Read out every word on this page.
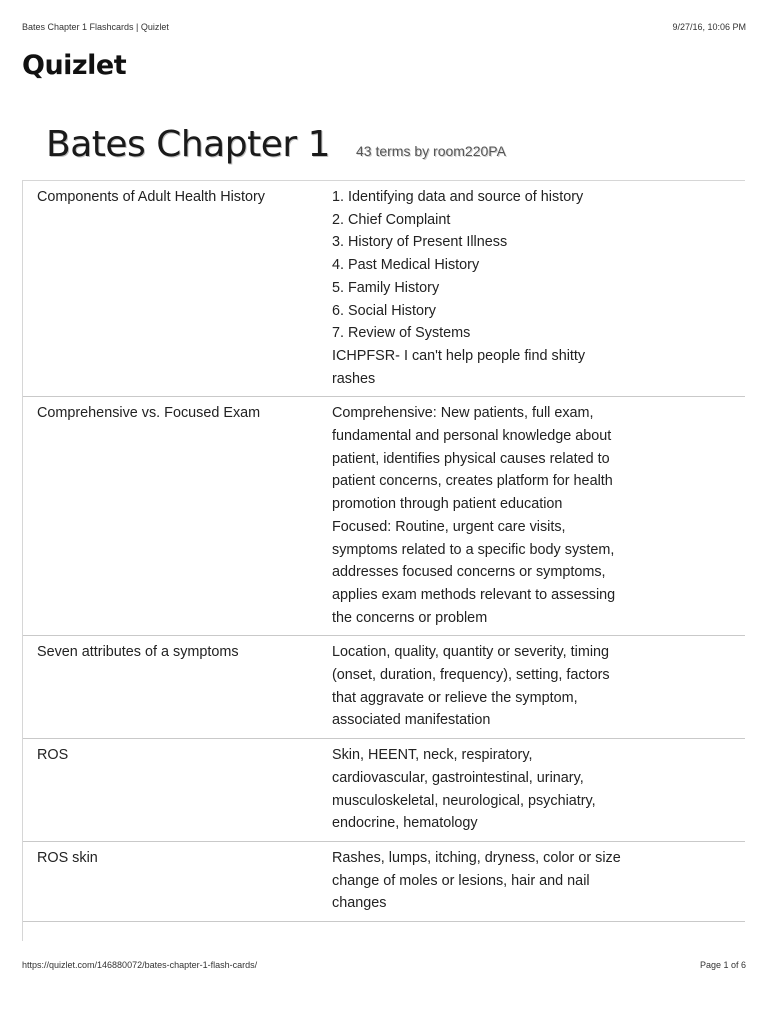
Bates Chapter 1 Flashcards | Quizlet	9/27/16, 10:06 PM
Quizlet
Bates Chapter 1 43 terms by room220PA
Components of Adult Health History	1. Identifying data and source of history
2. Chief Complaint
3. History of Present Illness
4. Past Medical History
5. Family History
6. Social History
7. Review of Systems
ICHPFSR- I can't help people find shitty rashes
Comprehensive vs. Focused Exam	Comprehensive: New patients, full exam, fundamental and personal knowledge about patient, identifies physical causes related to patient concerns, creates platform for health promotion through patient education
Focused: Routine, urgent care visits, symptoms related to a specific body system, addresses focused concerns or symptoms, applies exam methods relevant to assessing the concerns or problem
Seven attributes of a symptoms	Location, quality, quantity or severity, timing (onset, duration, frequency), setting, factors that aggravate or relieve the symptom, associated manifestation
ROS	Skin, HEENT, neck, respiratory, cardiovascular, gastrointestinal, urinary, musculoskeletal, neurological, psychiatry, endocrine, hematology
ROS skin	Rashes, lumps, itching, dryness, color or size change of moles or lesions, hair and nail changes
https://quizlet.com/146880072/bates-chapter-1-flash-cards/	Page 1 of 6
